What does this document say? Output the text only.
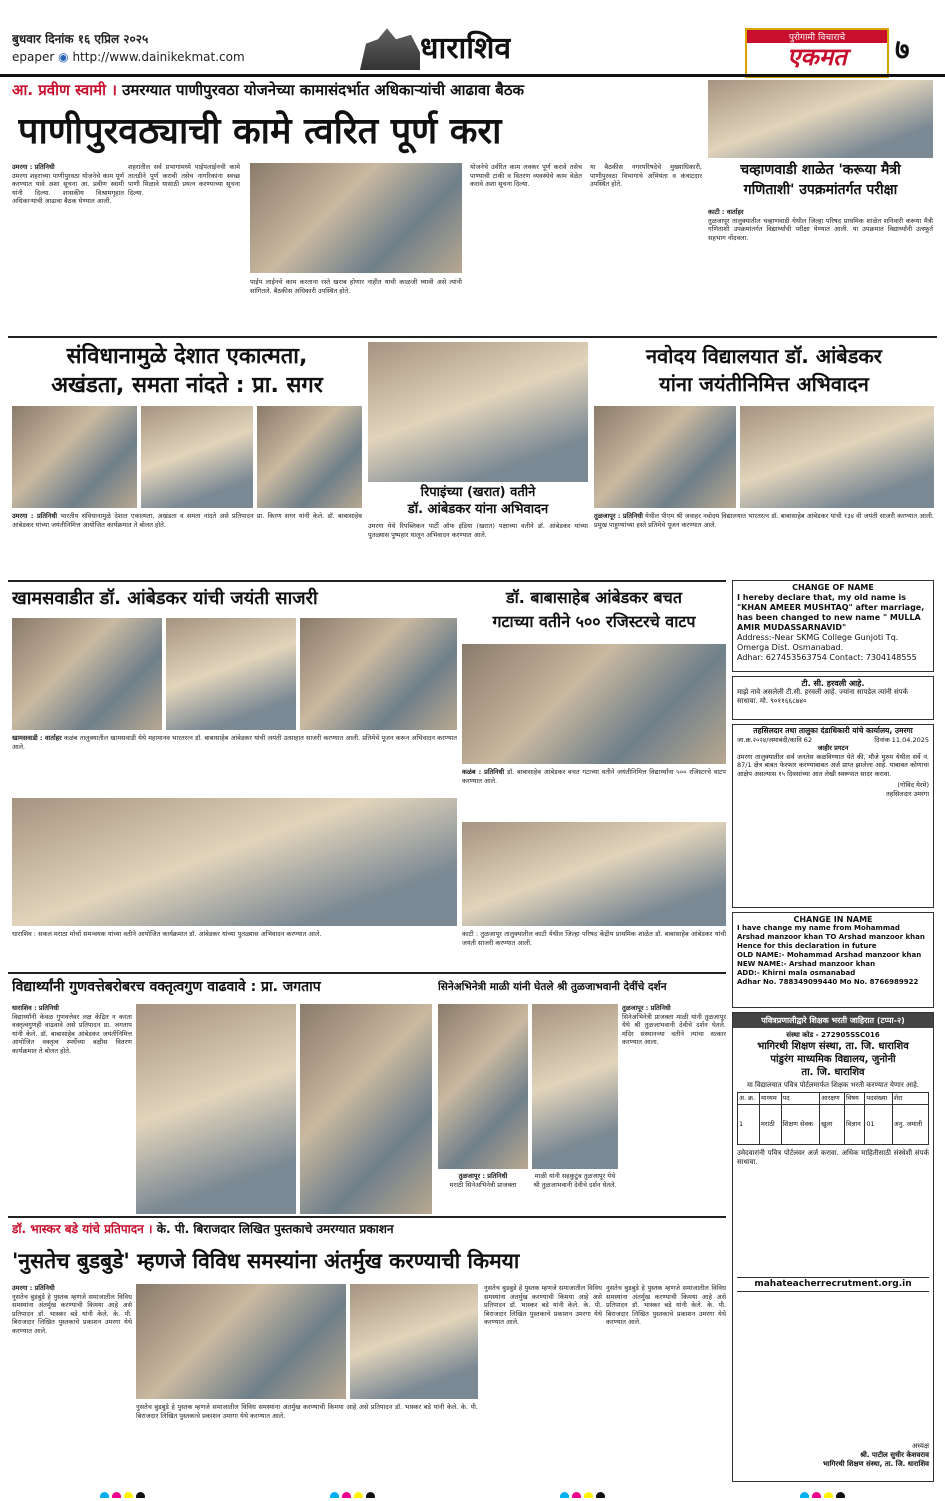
बुधवार दिनांक १६ एप्रिल २०२५
epaper ◉ http://www.dainikekmat.com	धाराशिव	पुरोगामी विचाराचे
एकमत	७
आ. प्रवीण स्वामी । उमरग्यात पाणीपुरवठा योजनेच्या कामासंदर्भात अधिकाऱ्यांची आढावा बैठक
पाणीपुरवठ्याची कामे त्वरित पूर्ण करा
उमरगा : प्रतिनिधी
उमरगा शहराच्या पाणीपुरवठा योजनेचे काम पूर्ण करण्यात यावे अशा सूचना आ. प्रवीण स्वामी यांनी दिल्या. शासकीय विश्रामगृहात अधिकाऱ्यांची आढावा बैठक घेण्यात आली.
शहरातील सर्व प्रभागांमध्ये पाईपलाईनची कामे तातडीने पूर्ण करावी तसेच नागरिकांना स्वच्छ पाणी मिळावे यासाठी प्रयत्न करण्याच्या सूचना दिल्या.
पाईप लाईनचे काम करताना रस्ते खराब होणार नाहीत याची काळजी घ्यावी असे त्यांनी सांगितले. बैठकीस अधिकारी उपस्थित होते.
योजनेचे उर्वरित काम लवकर पूर्ण करावे तसेच पाण्याची टाकी व वितरण व्यवस्थेचे काम वेळेत करावे अशा सूचना दिल्या.
या बैठकीस नगरपरिषदेचे मुख्याधिकारी, पाणीपुरवठा विभागाचे अभियंता व कंत्राटदार उपस्थित होते.
चव्हाणवाडी शाळेत 'करूया मैत्री
गणिताशी' उपक्रमांतर्गत परीक्षा
काटी : वार्ताहर
तुळजापूर तालुक्यातील चव्हाणवाडी येथील जिल्हा परिषद प्राथमिक शाळेत शनिवारी करूया मैत्री गणिताशी उपक्रमांतर्गत विद्यार्थ्यांची परीक्षा घेण्यात आली. या उपक्रमात विद्यार्थ्यांनी उत्स्फूर्त सहभाग नोंदवला.
संविधानामुळे देशात एकात्मता,
अखंडता, समता नांदते : प्रा. सगर
उमरगा : प्रतिनिधी भारतीय संविधानामुळे देशात एकात्मता, अखंडता व समता नांदते असे प्रतिपादन प्रा. किरण सगर यांनी केले. डॉ. बाबासाहेब आंबेडकर यांच्या जयंतीनिमित्त आयोजित कार्यक्रमात ते बोलत होते.
रिपाइंच्या (खरात) वतीने
डॉ. आंबेडकर यांना अभिवादन
उमरगा येथे रिपब्लिकन पार्टी ऑफ इंडिया (खरात) पक्षाच्या वतीने डॉ. आंबेडकर यांच्या पुतळ्यास पुष्पहार घालून अभिवादन करण्यात आले.
नवोदय विद्यालयात डॉ. आंबेडकर
यांना जयंतीनिमित्त अभिवादन
तुळजापूर : प्रतिनिधी येथील पीएम श्री जवाहर नवोदय विद्यालयात भारतरत्न डॉ. बाबासाहेब आंबेडकर यांची १३४ वी जयंती साजरी करण्यात आली. प्रमुख पाहुण्यांच्या हस्ते प्रतिमेचे पूजन करण्यात आले.
खामसवाडीत डॉ. आंबेडकर यांची जयंती साजरी
खामसवाडी : वार्ताहर कळंब तालुक्यातील खामसवाडी येथे महामानव भारतरत्न डॉ. बाबासाहेब आंबेडकर यांची जयंती उत्साहात साजरी करण्यात आली. प्रतिमेचे पूजन करून अभिवादन करण्यात आले.
धाराशिव : सकल मराठा मोर्चा समन्वयक यांच्या वतीने आयोजित कार्यक्रमात डॉ. आंबेडकर यांच्या पुतळ्यास अभिवादन करण्यात आले.
डॉ. बाबासाहेब आंबेडकर बचत
गटाच्या वतीने ५०० रजिस्टरचे वाटप
कळंब : प्रतिनिधी डॉ. बाबासाहेब आंबेडकर बचत गटाच्या वतीने जयंतीनिमित्त विद्यार्थ्यांना ५०० रजिस्टरचे वाटप करण्यात आले.
काटी : तुळजापूर तालुक्यातील काटी येथील जिल्हा परिषद केंद्रीय प्राथमिक शाळेत डॉ. बाबासाहेब आंबेडकर यांची जयंती साजरी करण्यात आली.
CHANGE OF NAME
I hereby declare that, my old name is "KHAN AMEER MUSHTAQ" after marriage, has been changed to new name " MULLA AMIR MUDASSARNAVID"
Address:-Near SKMG College Gunjoti Tq. Omerga Dist. Osmanabad.
Adhar: 627453563754 Contact: 7304148555
टी. सी. हरवली आहे.
माझे नावे असलेली टी.सी. हरवली आहे. ज्यांना सापडेल त्यांनी संपर्क साधावा. मो. ९०११६६८७४०
तहसिलदार तथा तालुका दंडाधिकारी यांचे कार्यालय, उमरगा
जा.क्र.२०२४/जमाबंदी/कावि 62	दिनांक 11.04.2025
जाहीर प्रगटन
उमरगा तालुक्यातील सर्व जनतेस कळविण्यात येते की, मौजे मुरुम येथील सर्वे नं. 87/1 क्षेत्र बाबत फेरफार करण्याबाबत अर्ज प्राप्त झालेला आहे. याबाबत कोणाचा आक्षेप असल्यास १५ दिवसांच्या आत लेखी स्वरूपात सादर करावा.
(गोविंद येरमे)
तहसिलदार उमरगा
CHANGE IN NAME
I have change my name from Mohammad Arshad manzoor khan TO Arshad manzoor khan Hence for this declaration in future
OLD NAME:- Mohammad Arshad manzoor khan
NEW NAME:- Arshad manzoor khan
ADD:- Khirni mala osmanabad
Adhar No. 788349099440 Mo No. 8766989922
पवित्रप्रणालीद्वारे शिक्षक भरती जाहिरात (टप्पा-२)
संस्था कोड - 272905SSC016
भागिरथी शिक्षण संस्था, ता. जि. धाराशिव
पांडुरंग माध्यमिक विद्यालय, जुनोनी
ता. जि. धाराशिव
या विद्यालयात पवित्र पोर्टलमार्फत शिक्षक भरती करण्यात येणार आहे.
अ. क्र.	माध्यम	पद	आरक्षण	विषय	पदसंख्या	शेरा
1	मराठी	शिक्षण सेवक	खुला	विज्ञान	01	अनु. जमाती
उमेदवारांनी पवित्र पोर्टलवर अर्ज करावा. अधिक माहितीसाठी संस्थेशी संपर्क साधावा.
mahateacherrecrutment.org.in
अध्यक्ष
श्री. पाटील सुधीर केशवराव
भागिरथी शिक्षण संस्था, ता. जि. धाराशिव
विद्यार्थ्यांनी गुणवत्तेबरोबरच वक्तृत्वगुण वाढवावे : प्रा. जगताप
धाराशिव : प्रतिनिधी
विद्यार्थ्यांनी केवळ गुणवत्तेवर लक्ष केंद्रित न करता वक्तृत्वगुणही वाढवावे असे प्रतिपादन प्रा. जगताप यांनी केले. डॉ. बाबासाहेब आंबेडकर जयंतीनिमित्त आयोजित वक्तृत्व स्पर्धेच्या बक्षीस वितरण कार्यक्रमात ते बोलत होते.
सिनेअभिनेत्री माळी यांनी घेतले श्री तुळजाभवानी देवींचे दर्शन
तुळजापूर : प्रतिनिधी
सिनेअभिनेत्री प्राजक्ता माळी यांनी तुळजापूर येथे श्री तुळजाभवानी देवीचे दर्शन घेतले. मंदिर संस्थानच्या वतीने त्यांचा सत्कार करण्यात आला.
तुळजापूर : प्रतिनिधी
मराठी सिनेअभिनेत्री प्राजक्ता
माळी यांनी सहकुटुंब तुळजापूर येथे श्री तुळजाभवानी देवीचे दर्शन घेतले.
डॉ. भास्कर बडे यांचे प्रतिपादन । के. पी. बिराजदार लिखित पुस्तकाचे उमरग्यात प्रकाशन
'नुसतेच बुडबुडे' म्हणजे विविध समस्यांना अंतर्मुख करण्याची किमया
उमरगा : प्रतिनिधी
नुसतेच बुडबुडे हे पुस्तक म्हणजे समाजातील विविध समस्यांना अंतर्मुख करण्याची किमया आहे असे प्रतिपादन डॉ. भास्कर बडे यांनी केले. के. पी. बिराजदार लिखित पुस्तकाचे प्रकाशन उमरगा येथे करण्यात आले.
नुसतेच बुडबुडे हे पुस्तक म्हणजे समाजातील विविध समस्यांना अंतर्मुख करण्याची किमया आहे असे प्रतिपादन डॉ. भास्कर बडे यांनी केले. के. पी. बिराजदार लिखित पुस्तकाचे प्रकाशन उमरगा येथे करण्यात आले.
नुसतेच बुडबुडे हे पुस्तक म्हणजे समाजातील विविध समस्यांना अंतर्मुख करण्याची किमया आहे असे प्रतिपादन डॉ. भास्कर बडे यांनी केले. के. पी. बिराजदार लिखित पुस्तकाचे प्रकाशन उमरगा येथे करण्यात आले.
नुसतेच बुडबुडे हे पुस्तक म्हणजे समाजातील विविध समस्यांना अंतर्मुख करण्याची किमया आहे असे प्रतिपादन डॉ. भास्कर बडे यांनी केले. के. पी. बिराजदार लिखित पुस्तकाचे प्रकाशन उमरगा येथे करण्यात आले.
